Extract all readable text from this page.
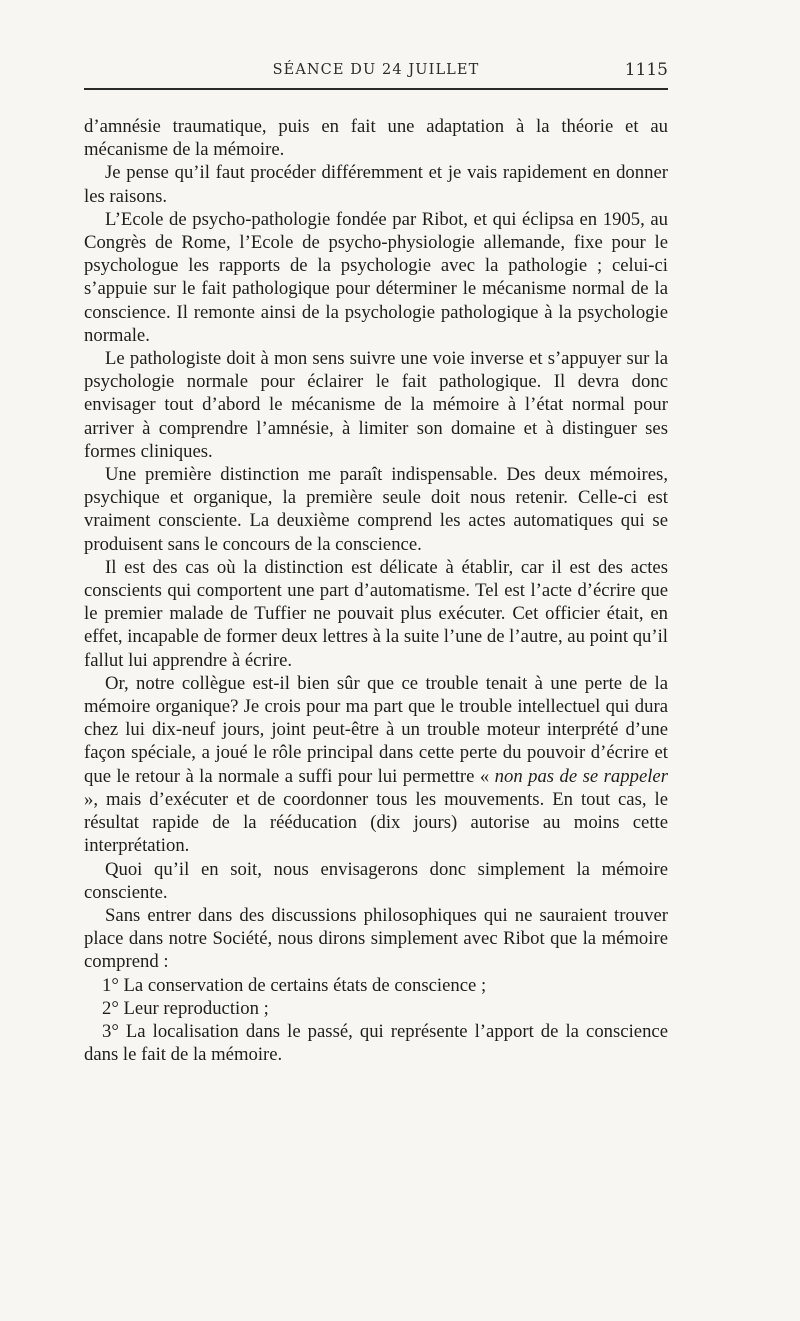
SÉANCE DU 24 JUILLET	1115

d’amnésie traumatique, puis en fait une adaptation à la théorie et au mécanisme de la mémoire.

Je pense qu’il faut procéder différemment et je vais rapidement en donner les raisons.

L’Ecole de psycho-pathologie fondée par Ribot, et qui éclipsa en 1905, au Congrès de Rome, l’Ecole de psycho-physiologie allemande, fixe pour le psychologue les rapports de la psychologie avec la pathologie ; celui-ci s’appuie sur le fait pathologique pour déterminer le mécanisme normal de la conscience. Il remonte ainsi de la psychologie pathologique à la psychologie normale.

Le pathologiste doit à mon sens suivre une voie inverse et s’appuyer sur la psychologie normale pour éclairer le fait pathologique. Il devra donc envisager tout d’abord le mécanisme de la mémoire à l’état normal pour arriver à comprendre l’amnésie, à limiter son domaine et à distinguer ses formes cliniques.

Une première distinction me paraît indispensable. Des deux mémoires, psychique et organique, la première seule doit nous retenir. Celle-ci est vraiment consciente. La deuxième comprend les actes automatiques qui se produisent sans le concours de la conscience.

Il est des cas où la distinction est délicate à établir, car il est des actes conscients qui comportent une part d’automatisme. Tel est l’acte d’écrire que le premier malade de Tuffier ne pouvait plus exécuter. Cet officier était, en effet, incapable de former deux lettres à la suite l’une de l’autre, au point qu’il fallut lui apprendre à écrire.

Or, notre collègue est-il bien sûr que ce trouble tenait à une perte de la mémoire organique? Je crois pour ma part que le trouble intellectuel qui dura chez lui dix-neuf jours, joint peut-être à un trouble moteur interprété d’une façon spéciale, a joué le rôle principal dans cette perte du pouvoir d’écrire et que le retour à la normale a suffi pour lui permettre « non pas de se rappeler », mais d’exécuter et de coordonner tous les mouvements. En tout cas, le résultat rapide de la rééducation (dix jours) autorise au moins cette interprétation.

Quoi qu’il en soit, nous envisagerons donc simplement la mémoire consciente.

Sans entrer dans des discussions philosophiques qui ne sauraient trouver place dans notre Société, nous dirons simplement avec Ribot que la mémoire comprend :

1° La conservation de certains états de conscience ;

2° Leur reproduction ;

3° La localisation dans le passé, qui représente l’apport de la conscience dans le fait de la mémoire.
